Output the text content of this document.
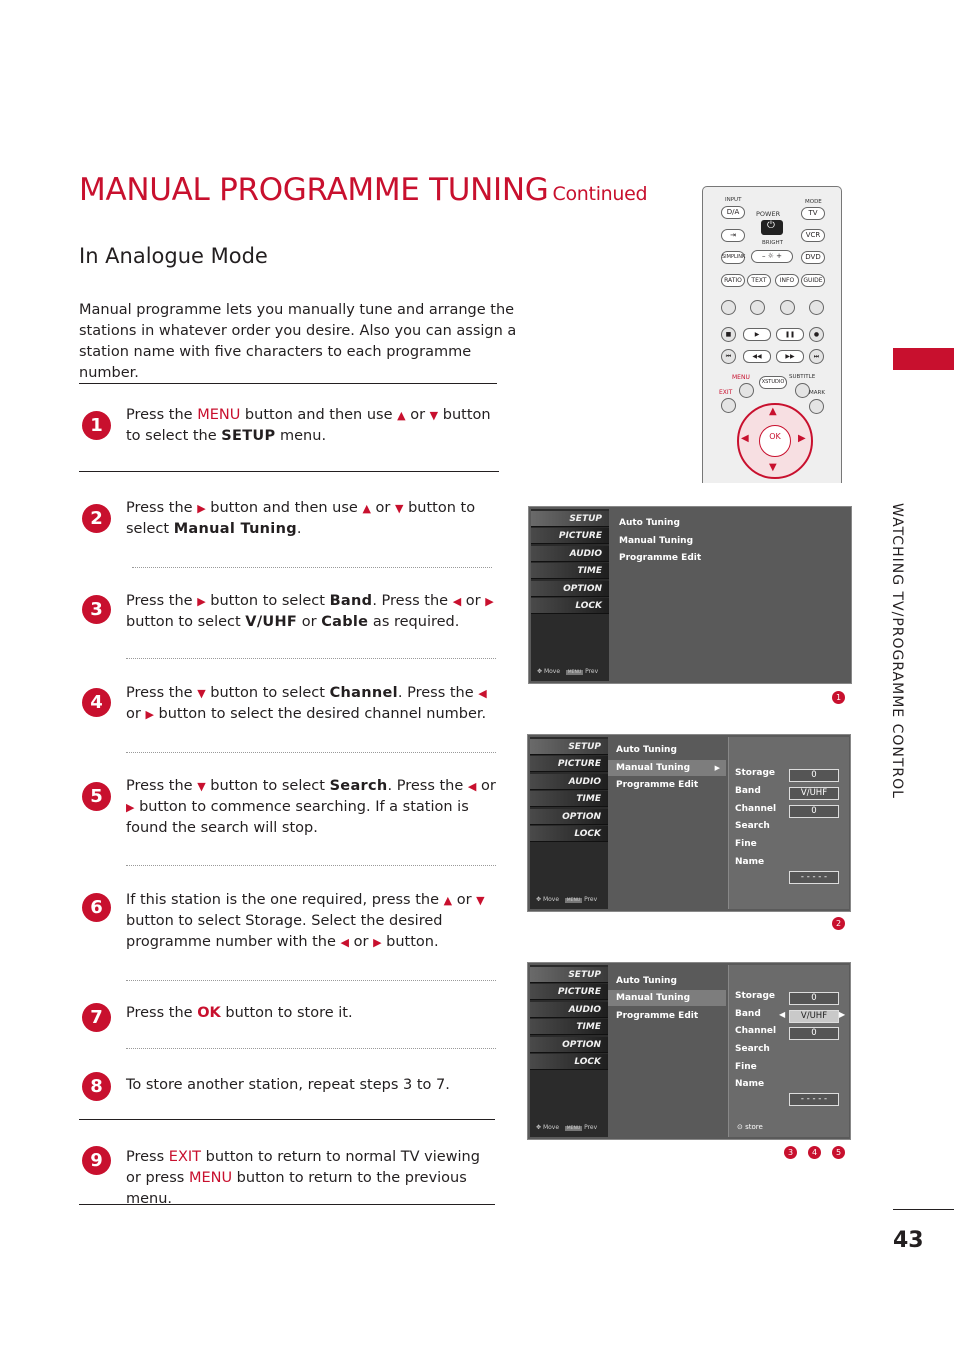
MANUAL PROGRAMME TUNING Continued
In Analogue Mode
Manual programme lets you manually tune and arrange the stations in whatever order you desire. Also you can assign a station name with five characters to each programme number.
1	Press the MENU button and then use ▲ or ▼ button to select the SETUP menu.
2	Press the ▶ button and then use ▲ or ▼ button to select Manual Tuning.
3	Press the ▶ button to select Band. Press the ◀ or ▶ button to select V/UHF or Cable as required.
4	Press the ▼ button to select Channel. Press the ◀
or ▶ button to select the desired channel number.
5	Press the ▼ button to select Search. Press the ◀ or
▶ button to commence searching. If a station is found the search will stop.
6	If this station is the one required, press the ▲ or ▼ button to select Storage. Select the desired programme number with the ◀ or ▶ button.
7	Press the OK button to store it.
8	To store another station, repeat steps 3 to 7.
9	Press EXIT button to return to normal TV viewing or press MENU button to return to the previous menu.
WATCHING TV/PROGRAMME CONTROL
43
INPUT
D/A
MODE
TV
POWER
⏻
⇥	VCR
BRIGHT
SIMPLINK	– ☼ +	DVD
RATIO	TEXT	INFO	GUIDE
■	▶	❚❚	●
⏮	◀◀	▶▶	⏭
MENU
XSTUDIO
SUBTITLE
EXIT	MARK
▲
▼
◀	▶
OK
SETUP
PICTURE
AUDIO
TIME
OPTION
LOCK
✥ Move MENU Prev
Auto Tuning
Manual Tuning
Programme Edit
1
SETUP
PICTURE
AUDIO
TIME
OPTION
LOCK
✥ Move MENU Prev
Auto Tuning
Manual Tuning	▶
Programme Edit
Storage	0
Band	V/UHF
Channel	0
Search
Fine
Name
- - - - -
2
SETUP
PICTURE
AUDIO
TIME
OPTION
LOCK
✥ Move MENU Prev
Auto Tuning
Manual Tuning
Programme Edit
Storage	0
Band ◀	V/UHF	▶
Channel	0
Search
Fine
Name
- - - - -
⊙ store
3	4	5
